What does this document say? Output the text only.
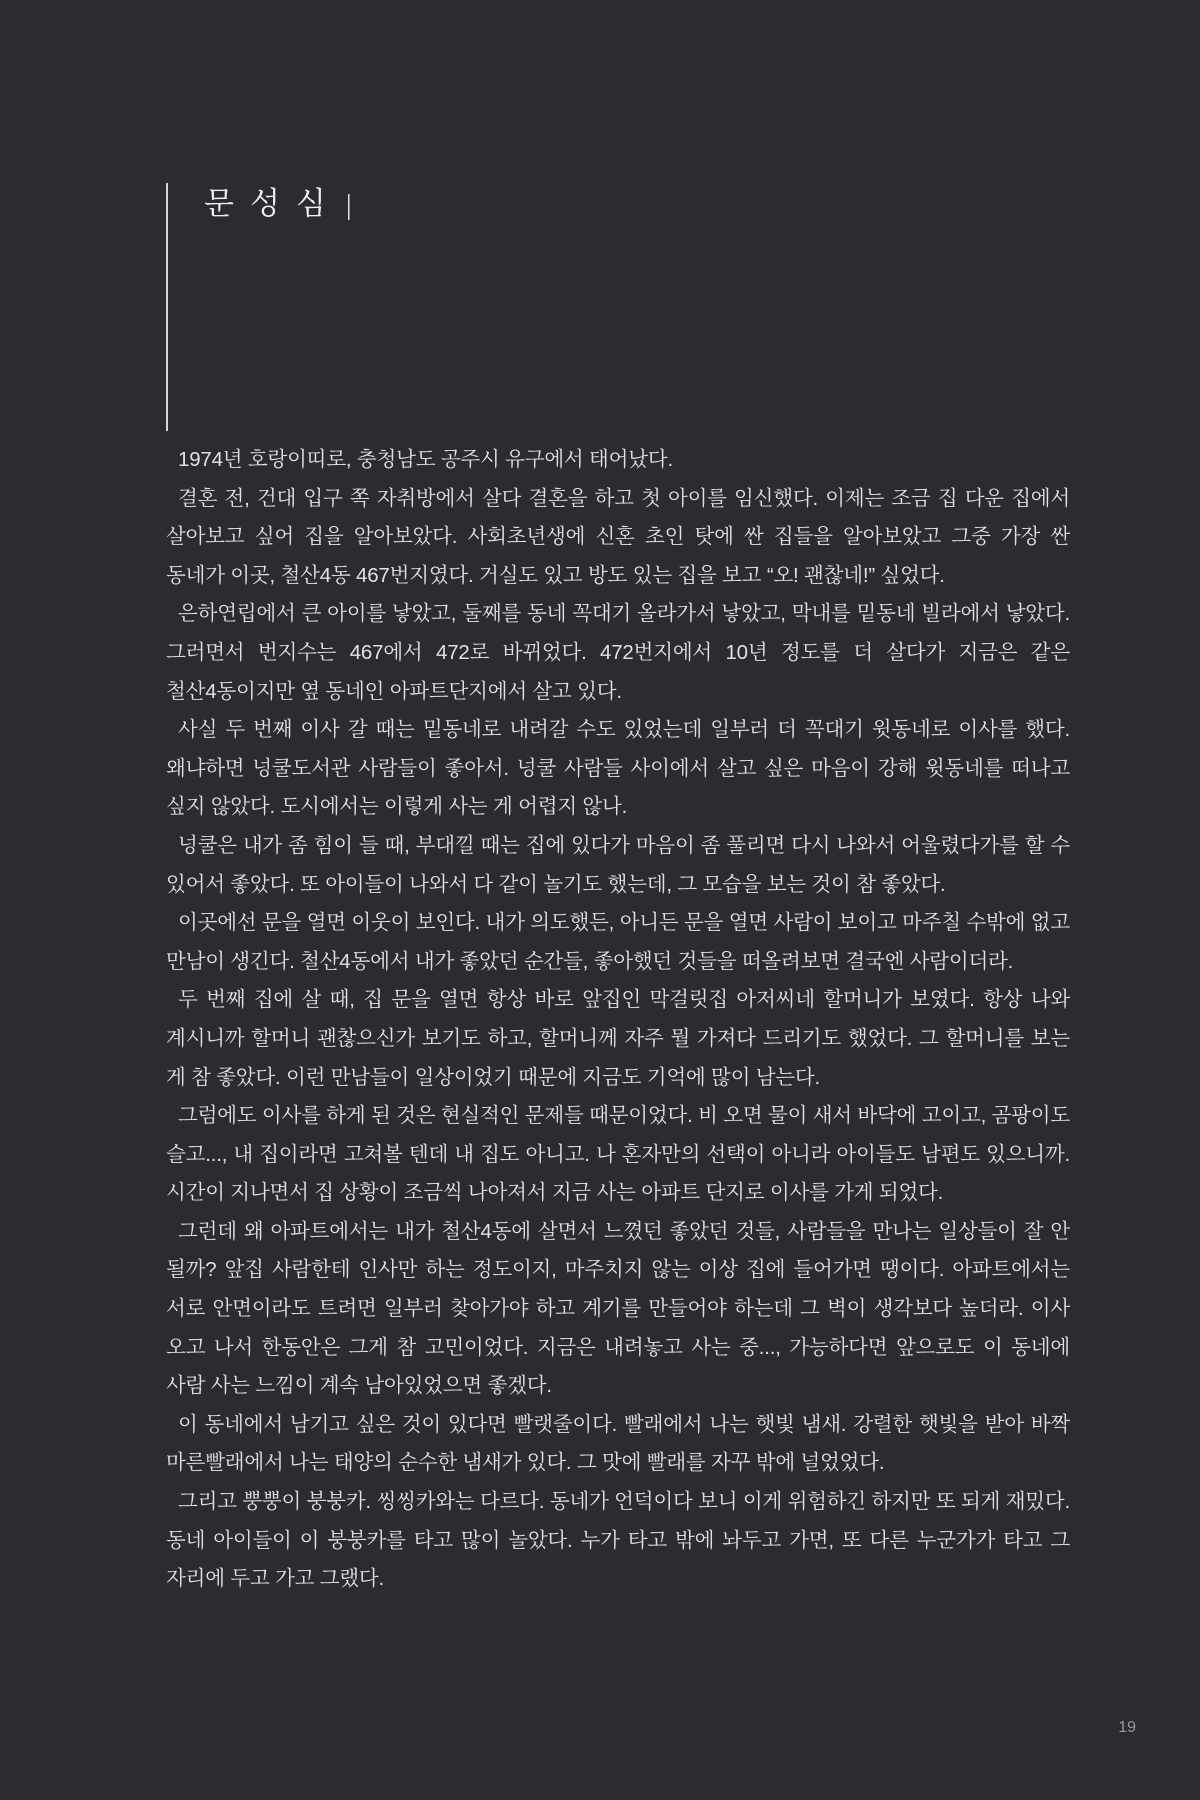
문성심 |

1974년 호랑이띠로, 충청남도 공주시 유구에서 태어났다.

결혼 전, 건대 입구 쪽 자취방에서 살다 결혼을 하고 첫 아이를 임신했다. 이제는 조금 집 다운 집에서 살아보고 싶어 집을 알아보았다. 사회초년생에 신혼 초인 탓에 싼 집들을 알아보았고 그중 가장 싼 동네가 이곳, 철산4동 467번지였다. 거실도 있고 방도 있는 집을 보고 “오! 괜찮네!” 싶었다.

은하연립에서 큰 아이를 낳았고, 둘째를 동네 꼭대기 올라가서 낳았고, 막내를 밑동네 빌라에서 낳았다. 그러면서 번지수는 467에서 472로 바뀌었다. 472번지에서 10년 정도를 더 살다가 지금은 같은 철산4동이지만 옆 동네인 아파트단지에서 살고 있다.

사실 두 번째 이사 갈 때는 밑동네로 내려갈 수도 있었는데 일부러 더 꼭대기 윗동네로 이사를 했다. 왜냐하면 넝쿨도서관 사람들이 좋아서. 넝쿨 사람들 사이에서 살고 싶은 마음이 강해 윗동네를 떠나고 싶지 않았다. 도시에서는 이렇게 사는 게 어렵지 않나.

넝쿨은 내가 좀 힘이 들 때, 부대낄 때는 집에 있다가 마음이 좀 풀리면 다시 나와서 어울렸다가를 할 수 있어서 좋았다. 또 아이들이 나와서 다 같이 놀기도 했는데, 그 모습을 보는 것이 참 좋았다.

이곳에선 문을 열면 이웃이 보인다. 내가 의도했든, 아니든 문을 열면 사람이 보이고 마주칠 수밖에 없고 만남이 생긴다. 철산4동에서 내가 좋았던 순간들, 좋아했던 것들을 떠올려보면 결국엔 사람이더라.

두 번째 집에 살 때, 집 문을 열면 항상 바로 앞집인 막걸릿집 아저씨네 할머니가 보였다. 항상 나와 계시니까 할머니 괜찮으신가 보기도 하고, 할머니께 자주 뭘 가져다 드리기도 했었다. 그 할머니를 보는 게 참 좋았다. 이런 만남들이 일상이었기 때문에 지금도 기억에 많이 남는다.

그럼에도 이사를 하게 된 것은 현실적인 문제들 때문이었다. 비 오면 물이 새서 바닥에 고이고, 곰팡이도 슬고..., 내 집이라면 고쳐볼 텐데 내 집도 아니고. 나 혼자만의 선택이 아니라 아이들도 남편도 있으니까. 시간이 지나면서 집 상황이 조금씩 나아져서 지금 사는 아파트 단지로 이사를 가게 되었다.

그런데 왜 아파트에서는 내가 철산4동에 살면서 느꼈던 좋았던 것들, 사람들을 만나는 일상들이 잘 안 될까? 앞집 사람한테 인사만 하는 정도이지, 마주치지 않는 이상 집에 들어가면 땡이다. 아파트에서는 서로 안면이라도 트려면 일부러 찾아가야 하고 계기를 만들어야 하는데 그 벽이 생각보다 높더라. 이사 오고 나서 한동안은 그게 참 고민이었다. 지금은 내려놓고 사는 중..., 가능하다면 앞으로도 이 동네에 사람 사는 느낌이 계속 남아있었으면 좋겠다.

이 동네에서 남기고 싶은 것이 있다면 빨랫줄이다. 빨래에서 나는 햇빛 냄새. 강렬한 햇빛을 받아 바짝 마른빨래에서 나는 태양의 순수한 냄새가 있다. 그 맛에 빨래를 자꾸 밖에 널었었다.

그리고 뿡뿡이 붕붕카. 씽씽카와는 다르다. 동네가 언덕이다 보니 이게 위험하긴 하지만 또 되게 재밌다. 동네 아이들이 이 붕붕카를 타고 많이 놀았다. 누가 타고 밖에 놔두고 가면, 또 다른 누군가가 타고 그 자리에 두고 가고 그랬다.

19
